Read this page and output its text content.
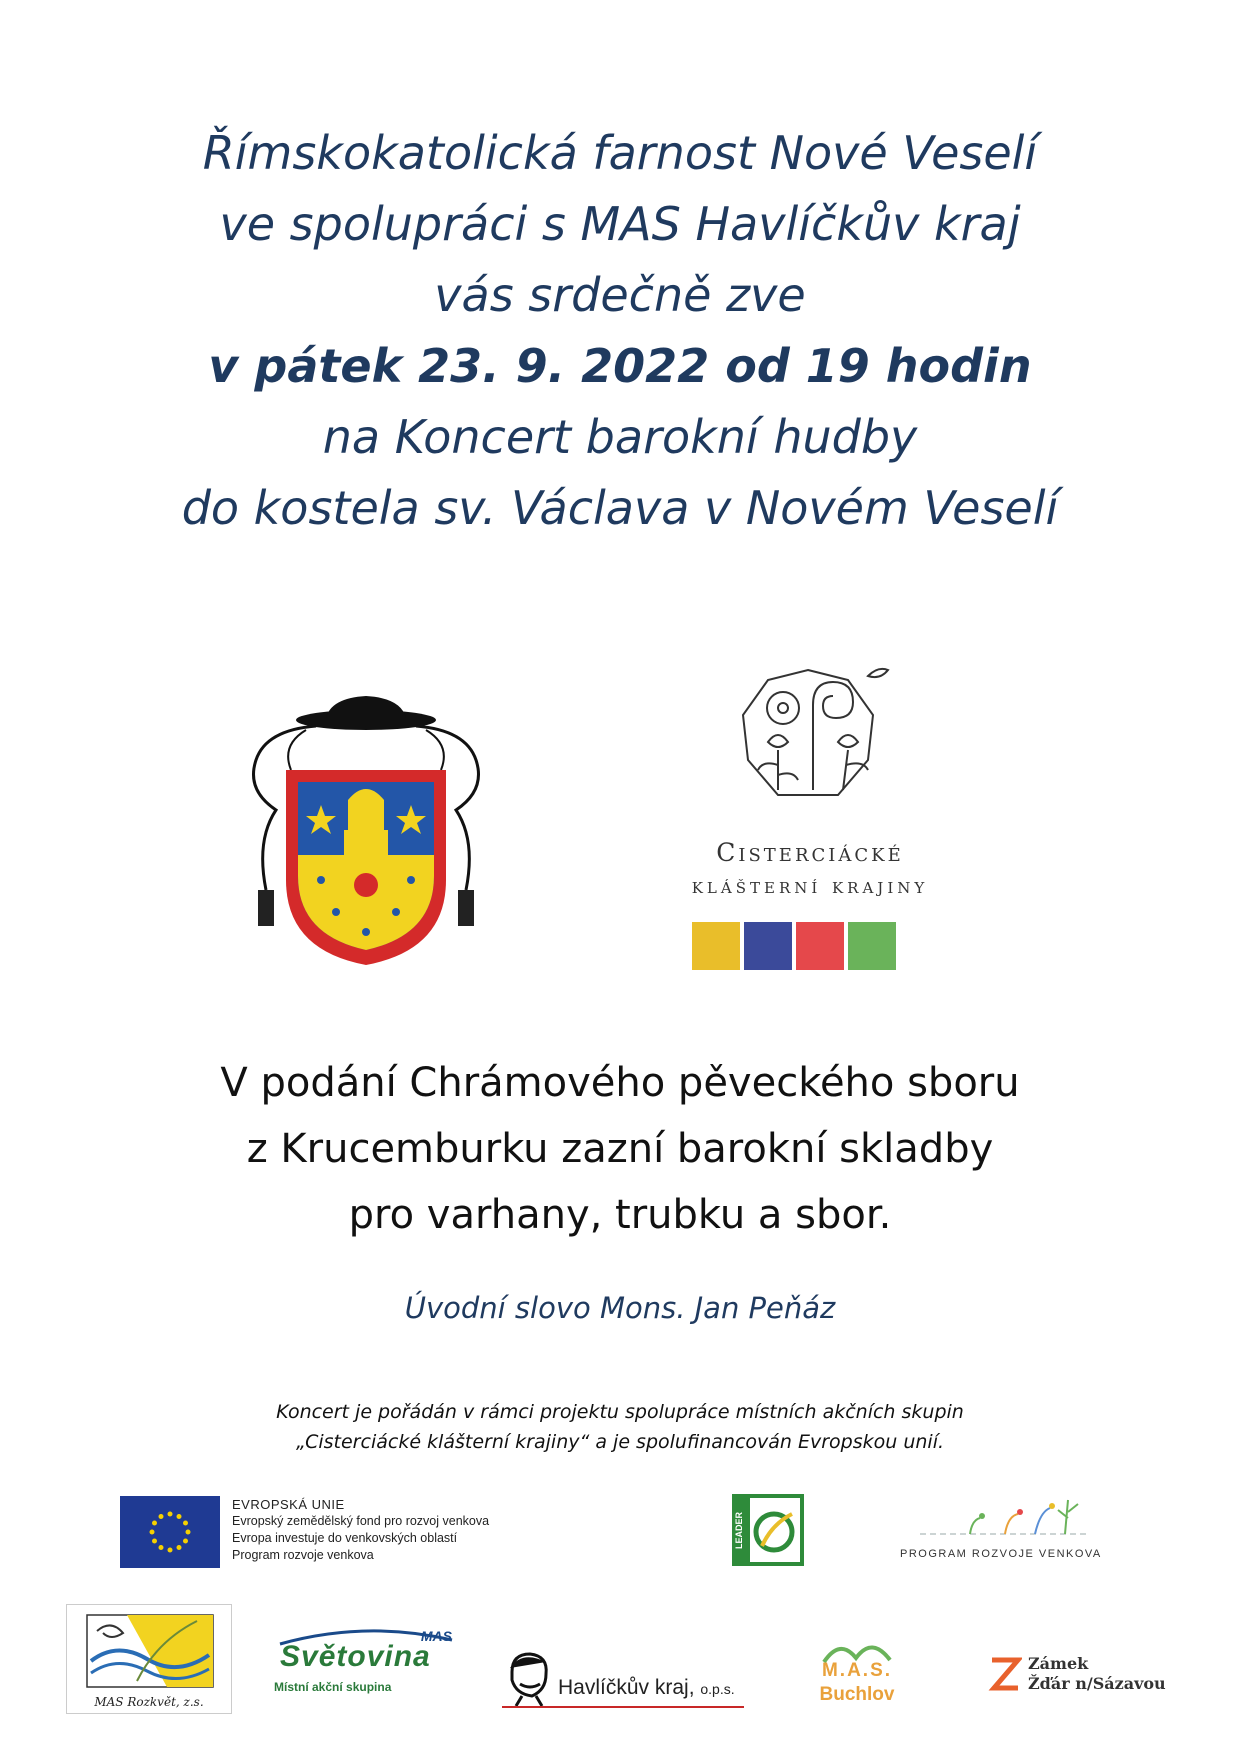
Římskokatolická farnost Nové Veselí
ve spolupráci s MAS Havlíčkův kraj
vás srdečně zve
v pátek 23. 9. 2022 od 19 hodin
na Koncert barokní hudby
do kostela sv. Václava v Novém Veselí
Cisterciácké
klášterní krajiny
V podání Chrámového pěveckého sboru
z Krucemburku zazní barokní skladby
pro varhany, trubku a sbor.
Úvodní slovo Mons. Jan Peňáz
Koncert je pořádán v rámci projektu spolupráce místních akčních skupin
„Cisterciácké klášterní krajiny“ a je spolufinancován Evropskou unií.
EVROPSKÁ UNIE
Evropský zemědělský fond pro rozvoj venkova
Evropa investuje do venkovských oblastí
Program rozvoje venkova
LEADER
PROGRAM ROZVOJE VENKOVA
MAS Rozkvět, z.s.
MAS
Světovina
Místní akční skupina	Havlíčkův kraj, o.p.s.
M.A.S.
Buchlov
Zámek
Žďár n/Sázavou
